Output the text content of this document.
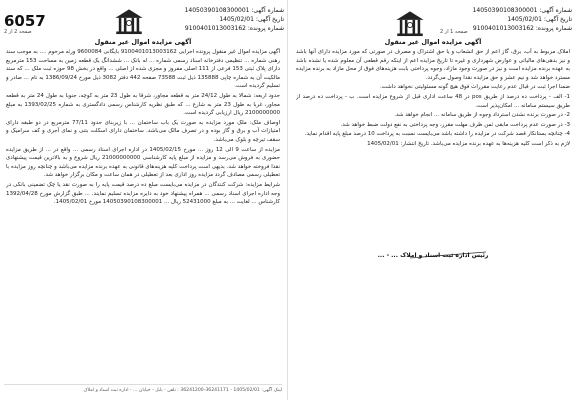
6057
شماره آگهی: 14050390108300001
تاریخ آگهی: 1405/02/01
شماره پرونده: 9100401013003162
صفحه 2 از 2
آگهی مزایده اموال غیر منقول

آگهی مزایده اموال غیر منقول پرونده اجرایی 9100401013003162 بایگانی 9600084 ورثه مرحوم .... به موجب سند رهنی شماره ... تنظیمی دفترخانه اسناد رسمی شماره ... له بانک ... ششدانگ یک قطعه زمین به مساحت 153 مترمربع دارای پلاک ثبتی 153 فرعی از 111 اصلی مفروز و مجزی شده از اصلی ... واقع در بخش 98 حوزه ثبت ملک ... که سند مالکیت آن به شماره چاپی 135888 ذیل ثبت 73588 صفحه 442 دفتر 3082 ذیل مورخ 1386/09/24 به نام ... صادر و تسلیم گردیده است.

حدود اربعه: شمالا به طول 24/12 متر به قطعه مجاور، شرقا به طول 23 متر به کوچه، جنوبا به طول 24 متر به قطعه مجاور، غربا به طول 23 متر به شارع ... که طبق نظریه کارشناس رسمی دادگستری به شماره 1393/02/25 به مبلغ 2100000000 ریال ارزیابی گردیده است.

اوصاف ملک: ملک مورد مزایده به صورت یک باب ساختمان ... با زیربنای حدود 77/11 مترمربع در دو طبقه دارای امتیازات آب و برق و گاز بوده و در تصرف مالک می‌باشد. ساختمان دارای اسکلت بتنی و نمای آجری و کف سرامیک و سقف تیرچه و بلوک می‌باشد.

مزایده از ساعت 9 الی 12 روز ... مورخ 1405/02/15 در اداره اجرای اسناد رسمی ... واقع در ... از طریق مزایده حضوری به فروش می‌رسد و مزایده از مبلغ پایه کارشناسی 21000000000 ریال شروع و به بالاترین قیمت پیشنهادی نقدا فروخته خواهد شد. بدیهی است پرداخت کلیه هزینه‌های قانونی به عهده برنده مزایده می‌باشد و چنانچه روز مزایده با تعطیلی رسمی مصادف گردد مزایده روز اداری بعد از تعطیلی در همان ساعت و مکان برگزار خواهد شد.

شرایط مزایده: شرکت کنندگان در مزایده می‌بایست مبلغ ده درصد قیمت پایه را به صورت نقد یا چک تضمینی بانکی در وجه اداره اجرای اسناد رسمی ... همراه پیشنهاد خود به دایره مزایده تسلیم نمایند. ... طبق گزارش مورخ 1392/04/28 کارشناس ... لغایت ... به مبلغ 52431000 ریال ... 14050390108300001 مورخ 1405/02/01.

لینک آگهی: 1405/02/01 - 36241171-36241200 : تلفن - بابل - خیابان ... - اداره ثبت اسناد و املاک
شماره آگهی: 14050390108300001
تاریخ آگهی: 1405/02/01
شماره پرونده: 9100401013003162
صفحه 1 از 2
آگهی مزایده اموال غیر منقول

املاک مربوط به آب، برق، گاز اعم از حق انشعاب و یا حق اشتراک و مصرف در صورتی که مورد مزایده دارای آنها باشد و نیز بدهی‌های مالیاتی و عوارض شهرداری و غیره تا تاریخ مزایده اعم از اینکه رقم قطعی آن معلوم شده یا نشده باشد به عهده برنده مزایده است و نیز در صورت وجود مازاد، وجوه پرداختی بابت هزینه‌های فوق از محل مازاد به برنده مزایده مسترد خواهد شد و نیم عشر و حق مزایده نقدا وصول می‌گردد.

ضمنا اجرا ثبت در قبال عدم رعایت مقررات فوق هیچ گونه مسئولیتی نخواهد داشت.

1- الف - پرداخت ده درصد از طریق pos در 48 ساعت اداری قبل از شروع مزایده است. ب - پرداخت ده درصد از طریق سیستم سامانه ... امکان‌پذیر است.

2- در صورت برنده نشدن استرداد وجوه از طریق سامانه ... انجام خواهد شد.

3- در صورت عدم پرداخت مابقی ثمن ظرف مهلت مقرر، وجه پرداختی به نفع دولت ضبط خواهد شد.

4- چنانچه بستانکار قصد شرکت در مزایده را داشته باشد می‌بایست نسبت به پرداخت 10 درصد مبلغ پایه اقدام نماید.

لازم به ذکر است کلیه هزینه‌ها به عهده برنده مزایده می‌باشد. تاریخ انتشار: 1405/02/01

رئیس اداره ثبت اسناد و املاک ... - ...
